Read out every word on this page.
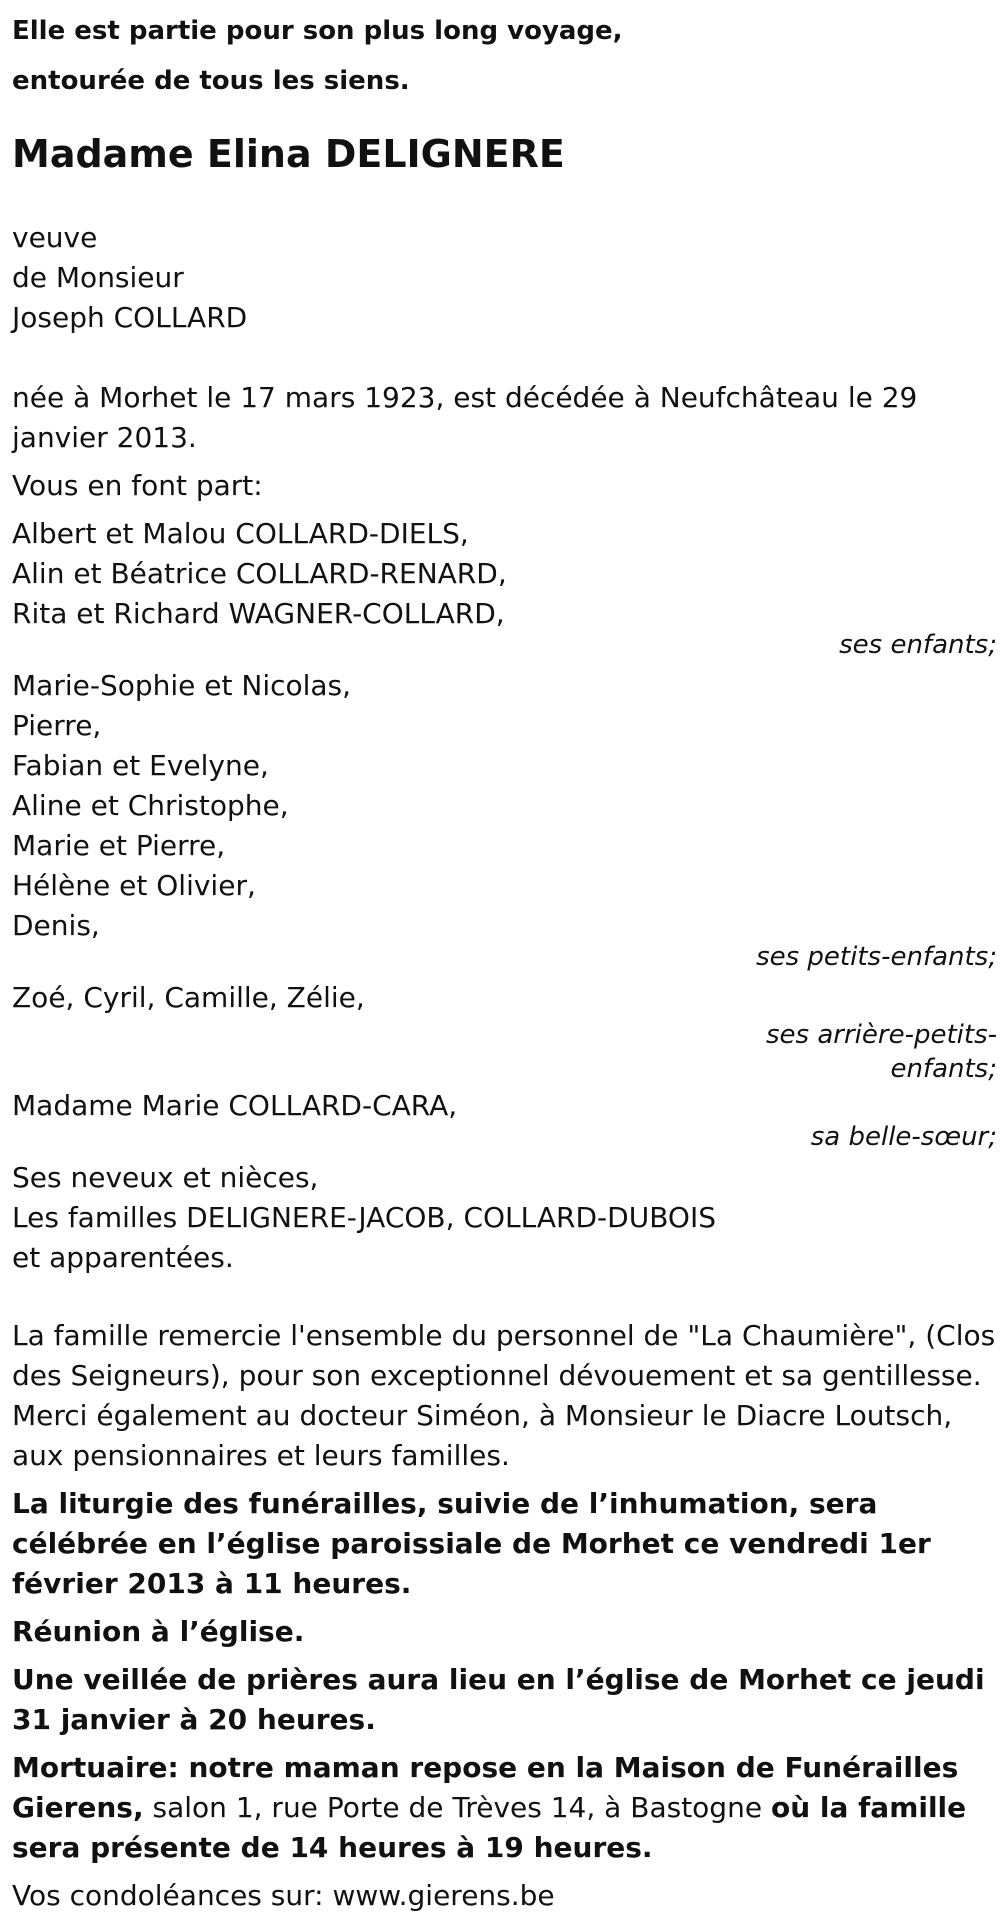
Elle est partie pour son plus long voyage,
entourée de tous les siens.
Madame Elina DELIGNERE
veuve
de Monsieur
Joseph COLLARD
née à Morhet le 17 mars 1923, est décédée à Neufchâteau le 29 janvier 2013.
Vous en font part:
Albert et Malou COLLARD-DIELS,
Alin et Béatrice COLLARD-RENARD,
Rita et Richard WAGNER-COLLARD,
ses enfants;
Marie-Sophie et Nicolas,
Pierre,
Fabian et Evelyne,
Aline et Christophe,
Marie et Pierre,
Hélène et Olivier,
Denis,
ses petits-enfants;
Zoé, Cyril, Camille, Zélie,
ses arrière-petits-
enfants;
Madame Marie COLLARD-CARA,
sa belle-sœur;
Ses neveux et nièces,
Les familles DELIGNERE-JACOB, COLLARD-DUBOIS
et apparentées.
La famille remercie l'ensemble du personnel de "La Chaumière", (Clos des Seigneurs), pour son exceptionnel dévouement et sa gentillesse. Merci également au docteur Siméon, à Monsieur le Diacre Loutsch, aux pensionnaires et leurs familles.
La liturgie des funérailles, suivie de l’inhumation, sera célébrée en l’église paroissiale de Morhet ce vendredi 1er février 2013 à 11 heures.
Réunion à l’église.
Une veillée de prières aura lieu en l’église de Morhet ce jeudi 31 janvier à 20 heures.
Mortuaire: notre maman repose en la Maison de Funérailles Gierens, salon 1, rue Porte de Trèves 14, à Bastogne où la famille sera présente de 14 heures à 19 heures.
Vos condoléances sur: www.gierens.be
